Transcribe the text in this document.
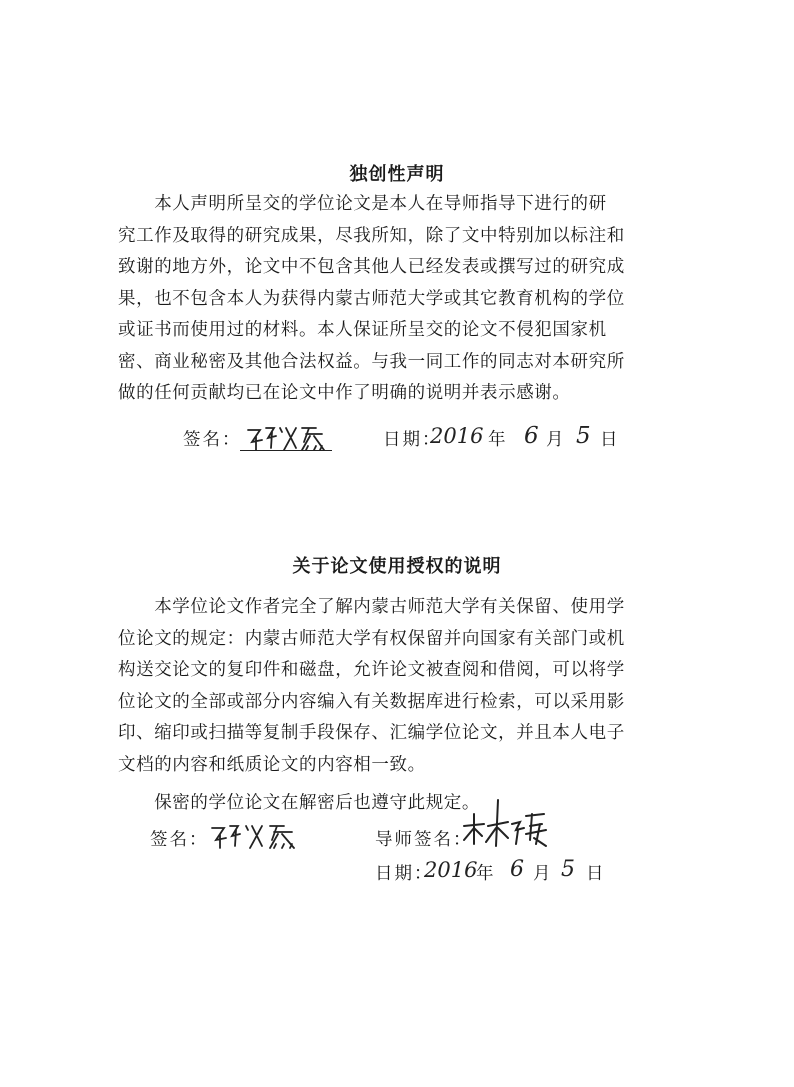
独创性声明
　　本人声明所呈交的学位论文是本人在导师指导下进行的研
究工作及取得的研究成果，尽我所知，除了文中特别加以标注和
致谢的地方外，论文中不包含其他人已经发表或撰写过的研究成
果，也不包含本人为获得内蒙古师范大学或其它教育机构的学位
或证书而使用过的材料。本人保证所呈交的论文不侵犯国家机
密、商业秘密及其他合法权益。与我一同工作的同志对本研究所
做的任何贡献均已在论文中作了明确的说明并表示感谢。
签名：	日期：
2016 年 6 月 5 日
关于论文使用授权的说明
　　本学位论文作者完全了解内蒙古师范大学有关保留、使用学
位论文的规定：内蒙古师范大学有权保留并向国家有关部门或机
构送交论文的复印件和磁盘，允许论文被查阅和借阅，可以将学
位论文的全部或部分内容编入有关数据库进行检索，可以采用影
印、缩印或扫描等复制手段保存、汇编学位论文，并且本人电子
文档的内容和纸质论文的内容相一致。
　　保密的学位论文在解密后也遵守此规定。
签名：	导师签名：
日期：
2016
年 6 月 5 日
